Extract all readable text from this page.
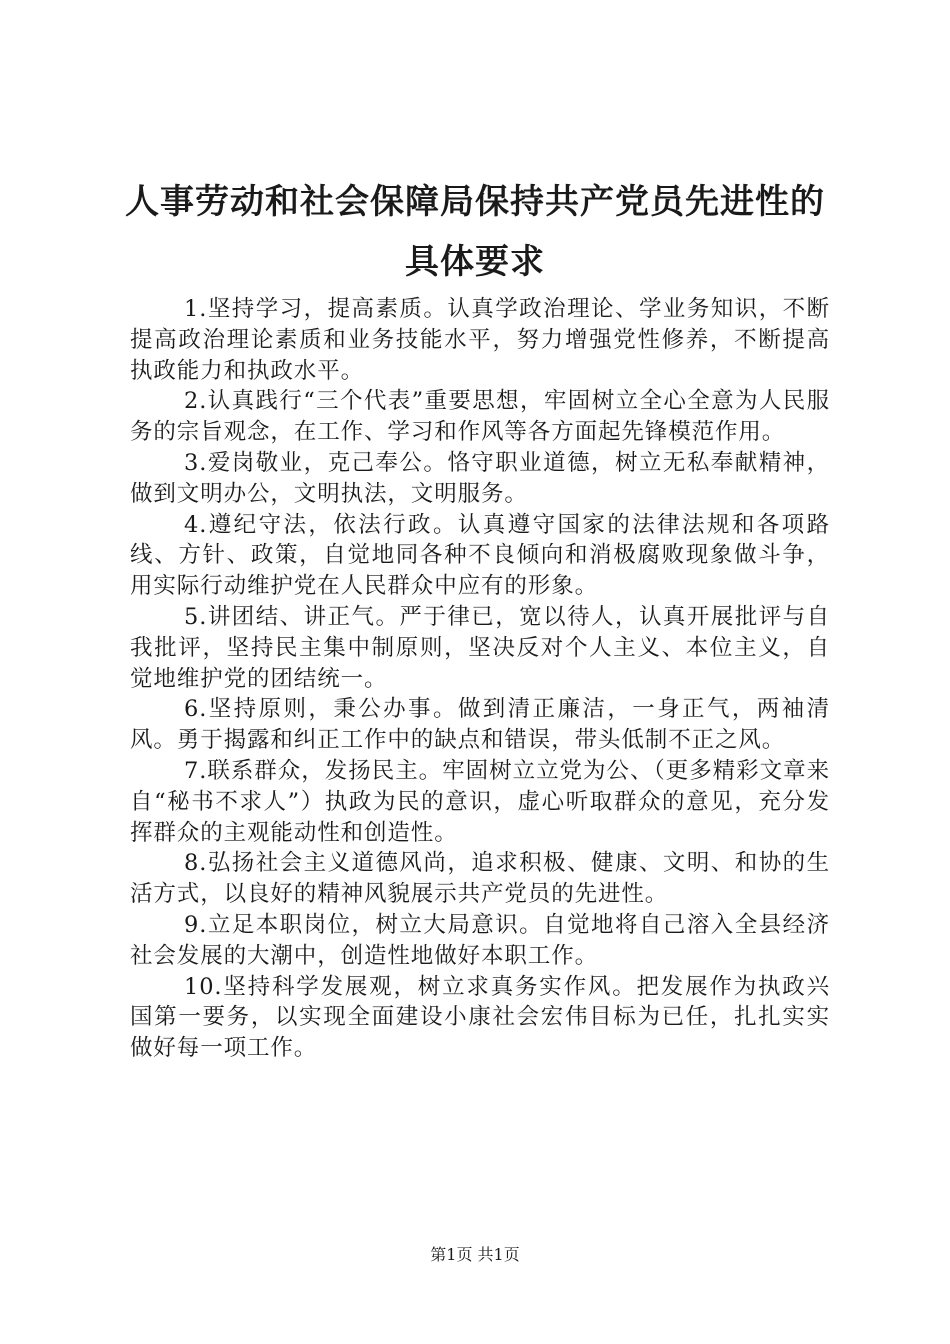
人事劳动和社会保障局保持共产党员先进性的
具体要求

1.坚持学习，提高素质。认真学政治理论、学业务知识，不断提高政治理论素质和业务技能水平，努力增强党性修养，不断提高执政能力和执政水平。

2.认真践行“三个代表”重要思想，牢固树立全心全意为人民服务的宗旨观念，在工作、学习和作风等各方面起先锋模范作用。

3.爱岗敬业，克己奉公。恪守职业道德，树立无私奉献精神，做到文明办公，文明执法，文明服务。

4.遵纪守法，依法行政。认真遵守国家的法律法规和各项路线、方针、政策，自觉地同各种不良倾向和消极腐败现象做斗争，用实际行动维护党在人民群众中应有的形象。

5.讲团结、讲正气。严于律已，宽以待人，认真开展批评与自我批评，坚持民主集中制原则，坚决反对个人主义、本位主义，自觉地维护党的团结统一。

6.坚持原则，秉公办事。做到清正廉洁，一身正气，两袖清风。勇于揭露和纠正工作中的缺点和错误，带头低制不正之风。

7.联系群众，发扬民主。牢固树立立党为公、（更多精彩文章来自“秘书不求人”）执政为民的意识，虚心听取群众的意见，充分发挥群众的主观能动性和创造性。

8.弘扬社会主义道德风尚，追求积极、健康、文明、和协的生活方式，以良好的精神风貌展示共产党员的先进性。

9.立足本职岗位，树立大局意识。自觉地将自己溶入全县经济社会发展的大潮中，创造性地做好本职工作。

10.坚持科学发展观，树立求真务实作风。把发展作为执政兴国第一要务，以实现全面建设小康社会宏伟目标为已任，扎扎实实做好每一项工作。

第1页 共1页
